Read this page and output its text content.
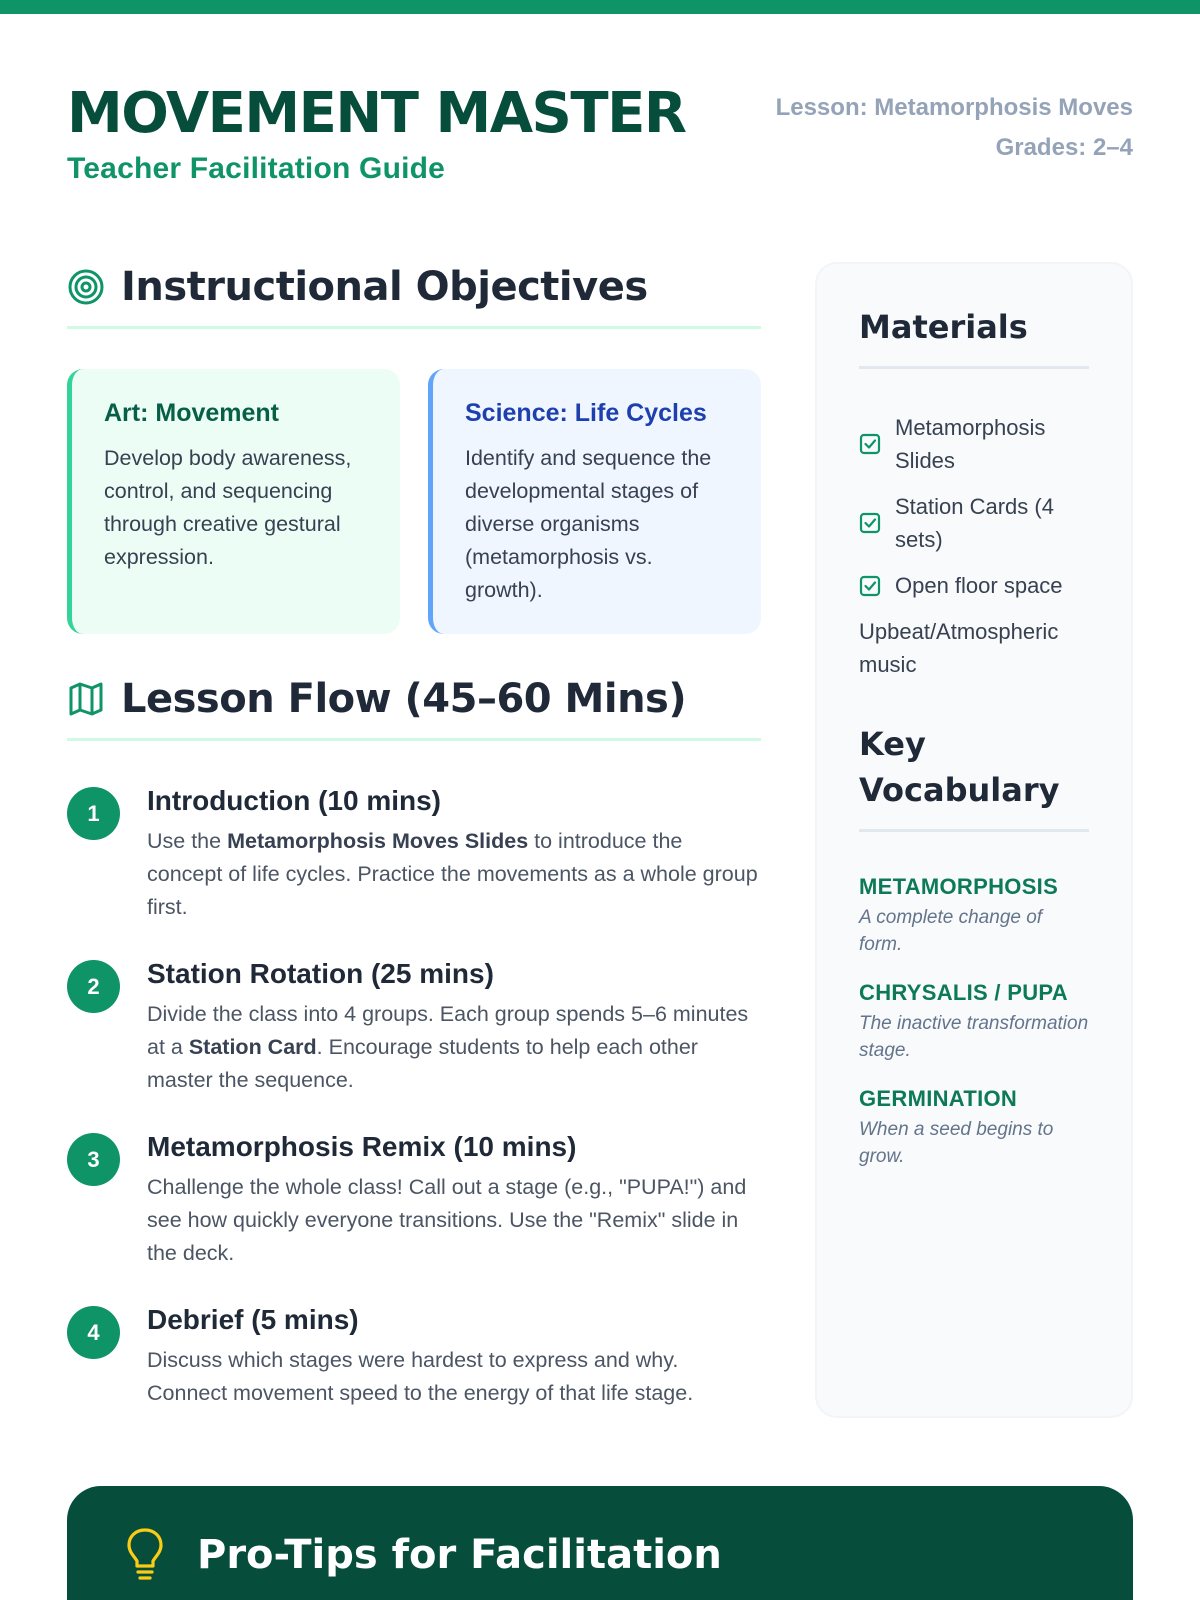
MOVEMENT MASTER
Teacher Facilitation Guide
Lesson: Metamorphosis Moves
Grades: 2–4
Instructional Objectives
Art: Movement

Develop body awareness, control, and sequencing through creative gestural expression.

Science: Life Cycles

Identify and sequence the developmental stages of diverse organisms (metamorphosis vs. growth).

Lesson Flow (45–60 Mins)
1	Introduction (10 mins)

Use the Metamorphosis Moves Slides to introduce the concept of life cycles. Practice the movements as a whole group first.

2	Station Rotation (25 mins)

Divide the class into 4 groups. Each group spends 5–6 minutes at a Station Card. Encourage students to help each other master the sequence.

3	Metamorphosis Remix (10 mins)

Challenge the whole class! Call out a stage (e.g., "PUPA!") and see how quickly everyone transitions. Use the "Remix" slide in the deck.

4	Debrief (5 mins)

Discuss which stages were hardest to express and why. Connect movement speed to the energy of that life stage.

Materials
Metamorphosis Slides
Station Cards (4 sets)
Open floor space
Upbeat/Atmospheric music
Key Vocabulary
METAMORPHOSIS
A complete change of form.
CHRYSALIS / PUPA
The inactive transformation stage.
GERMINATION
When a seed begins to grow.
Pro-Tips for Facilitation
